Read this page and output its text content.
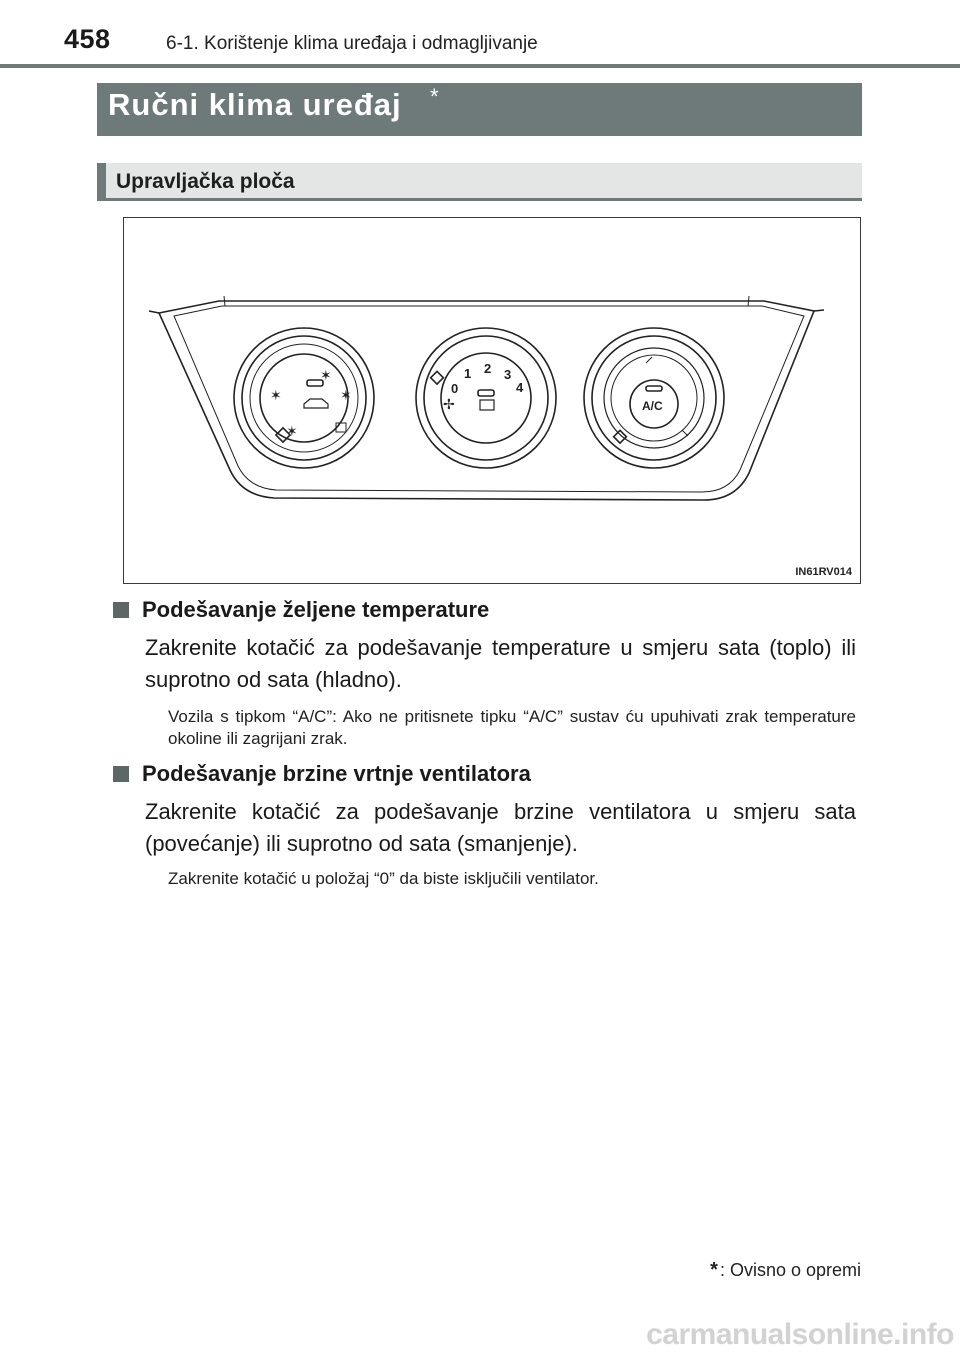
458	6-1. Korištenje klima uređaja i odmagljivanje
Ručni klima uređaj *
Upravljačka ploča
0
1 2 3
4
A/C
✶
✶
✶
✶
✢
IN61RV014
Podešavanje željene temperature
Zakrenite kotačić za podešavanje temperature u smjeru sata (toplo) ili suprotno od sata (hladno).
Vozila s tipkom “A/C”: Ako ne pritisnete tipku “A/C” sustav ću upuhivati zrak temperature okoline ili zagrijani zrak.
Podešavanje brzine vrtnje ventilatora
Zakrenite kotačić za podešavanje brzine ventilatora u smjeru sata (povećanje) ili suprotno od sata (smanjenje).
Zakrenite kotačić u položaj “0” da biste isključili ventilator.
* : Ovisno o opremi
carmanualsonline.info
